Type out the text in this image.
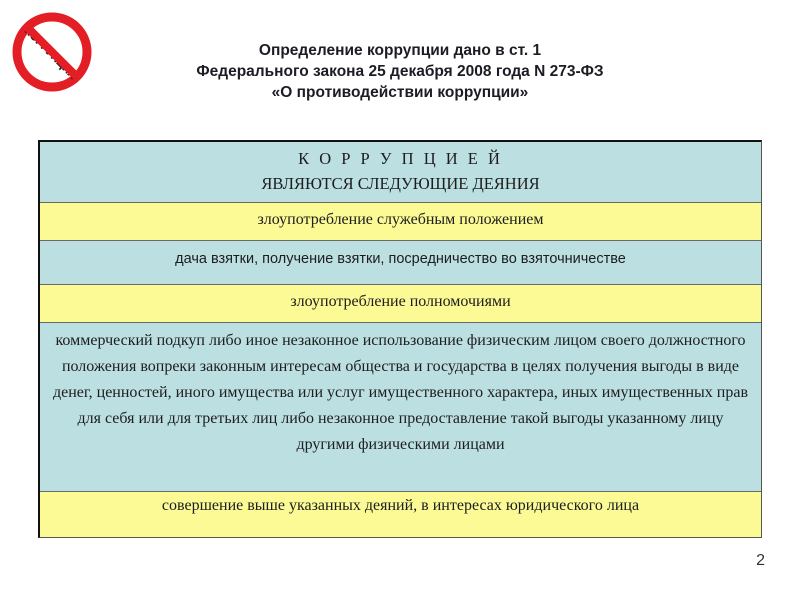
Определение коррупции дано в ст. 1
Федерального закона 25 декабря 2008 года N 273-ФЗ
«О противодействии коррупции»
К О Р Р У П Ц И Е Й
ЯВЛЯЮТСЯ СЛЕДУЮЩИЕ ДЕЯНИЯ
злоупотребление служебным положением
дача взятки, получение взятки, посредничество во взяточничестве
злоупотребление полномочиями
коммерческий подкуп либо иное незаконное использование физическим лицом своего должностного положения вопреки законным интересам общества и государства в целях получения выгоды в виде денег, ценностей, иного имущества или услуг имущественного характера, иных имущественных прав для себя или для третьих лиц либо незаконное предоставление такой выгоды указанному лицу другими физическими лицами
совершение выше указанных деяний, в интересах юридического лица
2
